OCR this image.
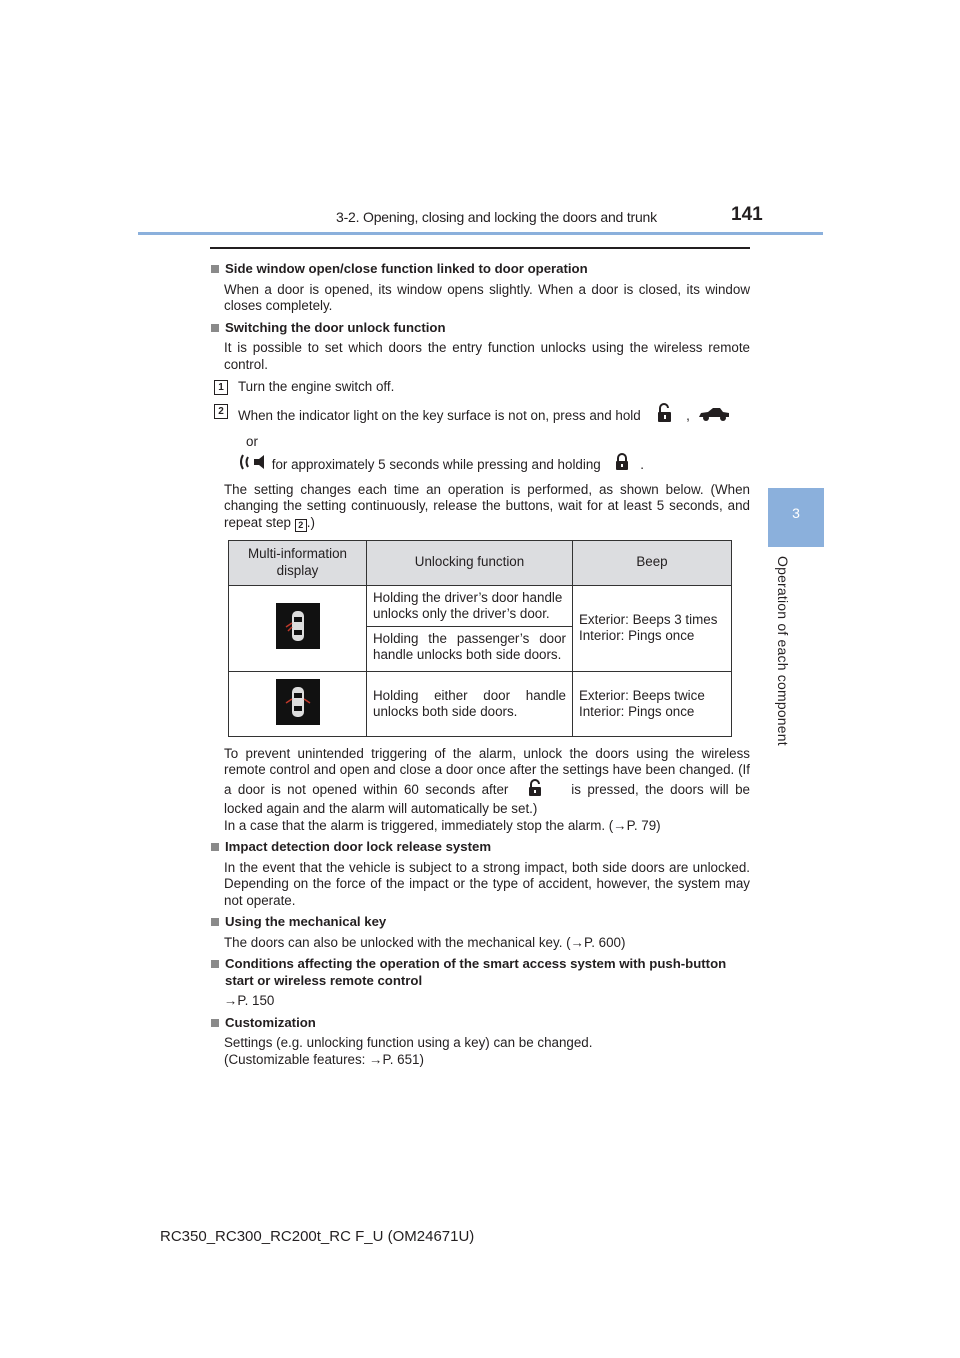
3-2. Opening, closing and locking the doors and trunk	141
3
Operation of each component
Side window open/close function linked to door operation
When a door is opened, its window opens slightly. When a door is closed, its window closes completely.
Switching the door unlock function
It is possible to set which doors the entry function unlocks using the wireless remote control.
1	Turn the engine switch off.
2	When the indicator light on the key surface is not on, press and hold	,  or
for approximately 5 seconds while pressing and holding	.
The setting changes each time an operation is performed, as shown below. (When changing the setting continuously, release the buttons, wait for at least 5 seconds, and repeat step 2 .)
Multi-information display	Unlocking function	Beep
	Holding the driver’s door handle unlocks only the driver’s door.	Exterior: Beeps 3 times
Interior: Pings once

	Holding the passenger’s door handle unlocks both side doors.	
	Holding either door handle unlocks both side doors.	Exterior: Beeps twice
Interior: Pings once
To prevent unintended triggering of the alarm, unlock the doors using the wireless remote control and open and close a door once after the settings have been changed. (If a door is not opened within 60 seconds after	is pressed, the doors will be locked again and the alarm will automatically be set.)
In a case that the alarm is triggered, immediately stop the alarm. (→P. 79)
Impact detection door lock release system
In the event that the vehicle is subject to a strong impact, both side doors are unlocked. Depending on the force of the impact or the type of accident, however, the system may not operate.
Using the mechanical key
The doors can also be unlocked with the mechanical key. (→P. 600)
Conditions affecting the operation of the smart access system with push-button start or wireless remote control
→P. 150
Customization
Settings (e.g. unlocking function using a key) can be changed.
(Customizable features: →P. 651)
RC350_RC300_RC200t_RC F_U (OM24671U)
